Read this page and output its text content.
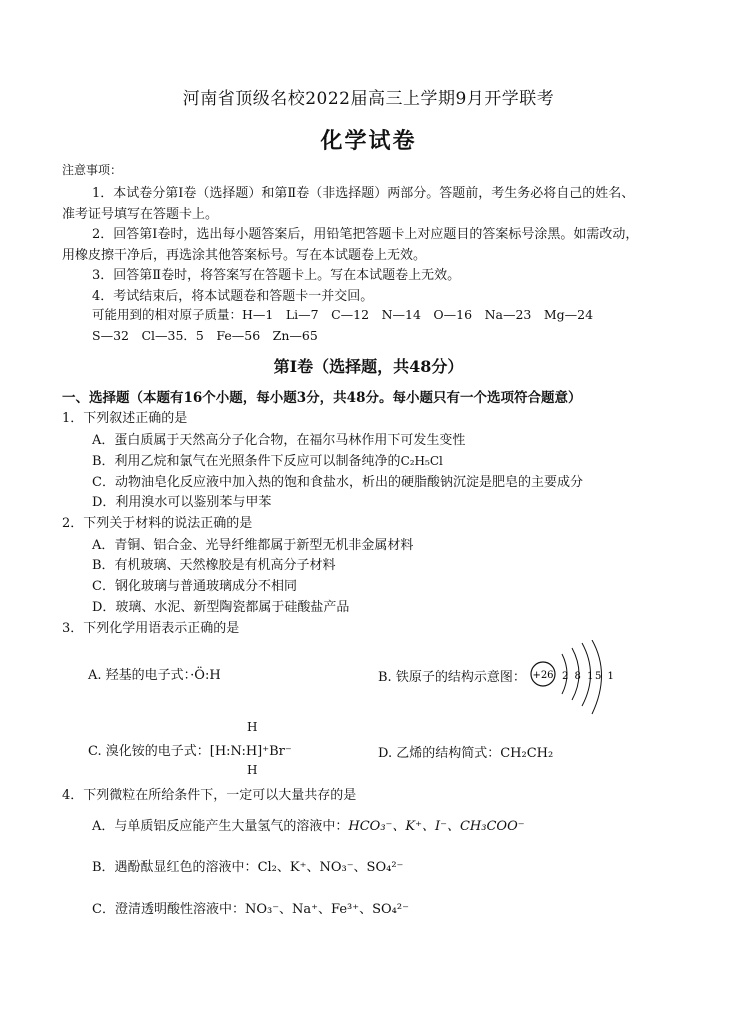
河南省顶级名校2022届高三上学期9月开学联考
化学试卷
注意事项：
1．本试卷分第Ⅰ卷（选择题）和第Ⅱ卷（非选择题）两部分。答题前，考生务必将自己的姓名、
准考证号填写在答题卡上。
2．回答第Ⅰ卷时，选出每小题答案后，用铅笔把答题卡上对应题目的答案标号涂黑。如需改动，
用橡皮擦干净后，再选涂其他答案标号。写在本试题卷上无效。
3．回答第Ⅱ卷时，将答案写在答题卡上。写在本试题卷上无效。
4．考试结束后，将本试题卷和答题卡一并交回。
可能用到的相对原子质量：H—1　Li—7　C—12　N—14　O—16　Na—23　Mg—24
S—32　Cl—35．5　Fe—56　Zn—65
第Ⅰ卷（选择题，共48分）
一、选择题（本题有16个小题，每小题3分，共48分。每小题只有一个选项符合题意）
1．下列叙述正确的是
A．蛋白质属于天然高分子化合物，在福尔马林作用下可发生变性
B．利用乙烷和氯气在光照条件下反应可以制备纯净的C₂H₅Cl
C．动物油皂化反应液中加入热的饱和食盐水，析出的硬脂酸钠沉淀是肥皂的主要成分
D．利用溴水可以鉴别苯与甲苯
2．下列关于材料的说法正确的是
A．青铜、铝合金、光导纤维都属于新型无机非金属材料
B．有机玻璃、天然橡胶是有机高分子材料
C．钢化玻璃与普通玻璃成分不相同
D．玻璃、水泥、新型陶瓷都属于硅酸盐产品
3．下列化学用语表示正确的是
A. 羟基的电子式：·Ö:H	B. 铁原子的结构示意图： +26 2 8 15 1
H
C. 溴化铵的电子式：[H:N:H]⁺Br⁻
H
D. 乙烯的结构简式：CH₂CH₂
4．下列微粒在所给条件下，一定可以大量共存的是
A．与单质铝反应能产生大量氢气的溶液中：HCO₃⁻、K⁺、I⁻、CH₃COO⁻
B．遇酚酞显红色的溶液中：Cl₂、K⁺、NO₃⁻、SO₄²⁻
C．澄清透明酸性溶液中：NO₃⁻、Na⁺、Fe³⁺、SO₄²⁻
